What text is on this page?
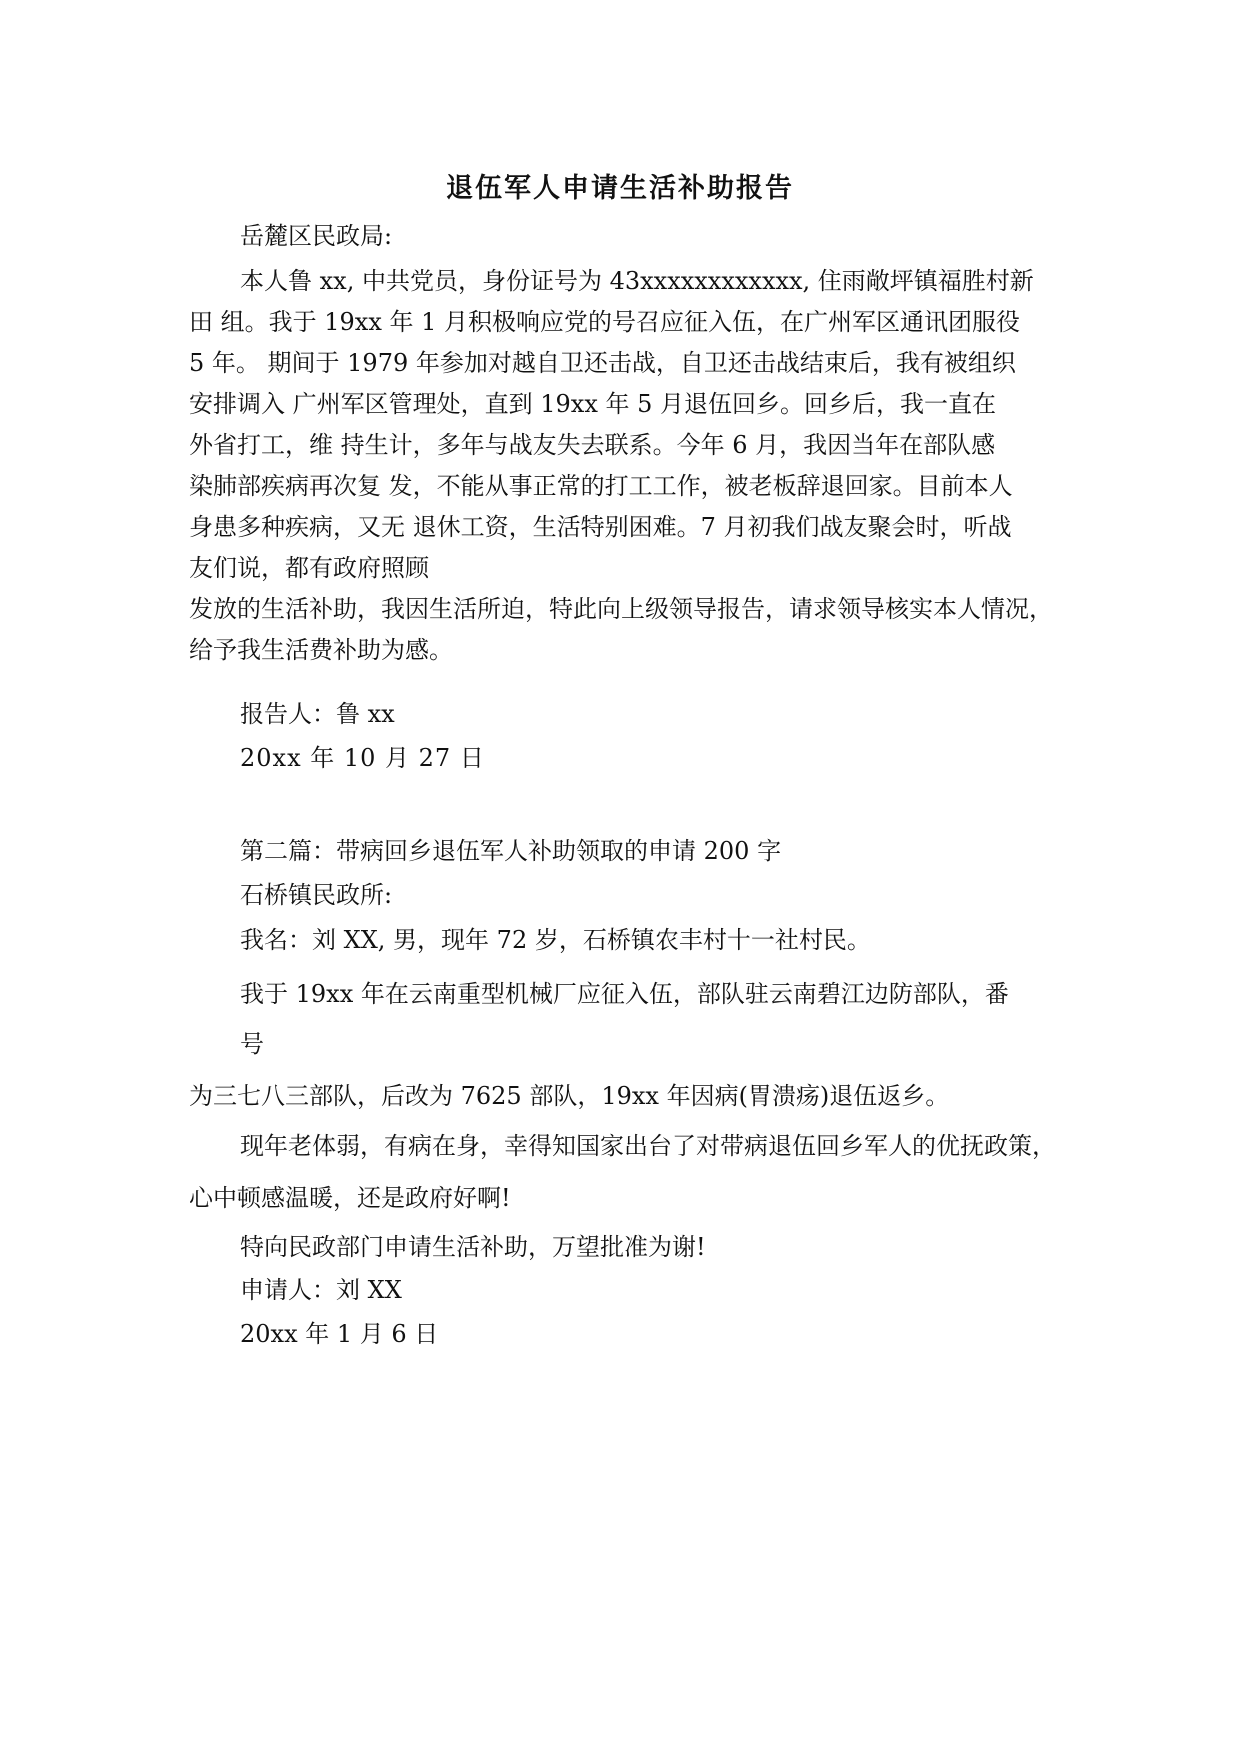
退伍军人申请生活补助报告
岳麓区民政局:
本人鲁 xx, 中共党员，身份证号为 43xxxxxxxxxxxx, 住雨敞坪镇福胜村新
田 组。我于 19xx 年 1 月积极响应党的号召应征入伍，在广州军区通讯团服役
5 年。 期间于 1979 年参加对越自卫还击战，自卫还击战结束后，我有被组织
安排调入 广州军区管理处，直到 19xx 年 5 月退伍回乡。回乡后，我一直在
外省打工，维 持生计，多年与战友失去联系。今年 6 月，我因当年在部队感
染肺部疾病再次复 发，不能从事正常的打工工作，被老板辞退回家。目前本人
身患多种疾病，又无 退休工资，生活特别困难。7 月初我们战友聚会时，听战
友们说，都有政府照顾
发放的生活补助，我因生活所迫，特此向上级领导报告，请求领导核实本人情况，
给予我生活费补助为感。
报告人：鲁 xx
20xx 年 10 月 27 日
第二篇：带病回乡退伍军人补助领取的申请 200 字
石桥镇民政所:
我名：刘 XX, 男，现年 72 岁，石桥镇农丰村十一社村民。
我于 19xx 年在云南重型机械厂应征入伍，部队驻云南碧江边防部队，番
号
为三七八三部队，后改为 7625 部队，19xx 年因病(胃溃疡)退伍返乡。
现年老体弱，有病在身，幸得知国家出台了对带病退伍回乡军人的优抚政策，
心中顿感温暖，还是政府好啊!
特向民政部门申请生活补助，万望批准为谢!
申请人：刘 XX
20xx 年 1 月 6 日
